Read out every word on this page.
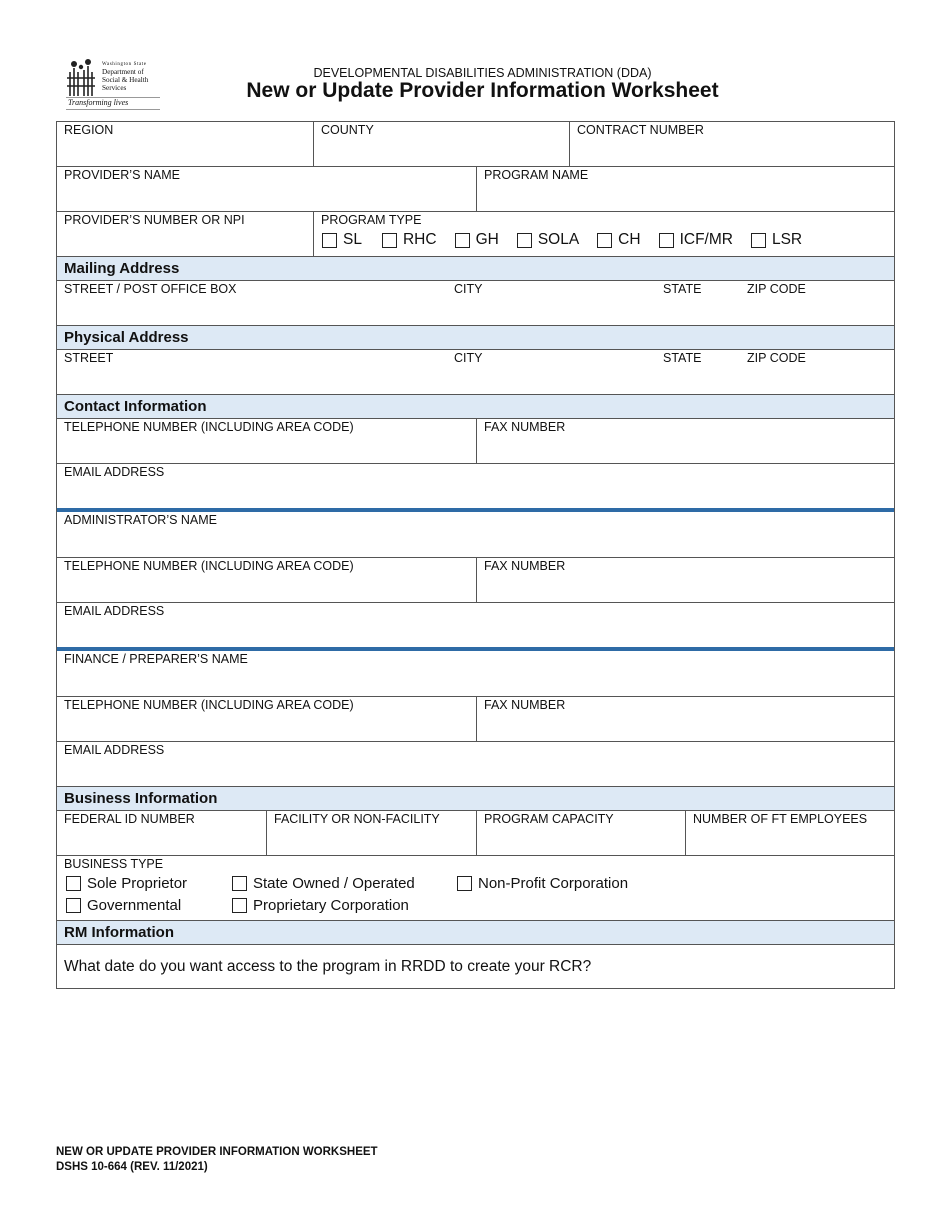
Washington State
Department of Social & Health Services
Transforming lives
DEVELOPMENTAL DISABILITIES ADMINISTRATION (DDA)
New or Update Provider Information Worksheet
REGION	COUNTY	CONTRACT NUMBER
PROVIDER’S NAME	PROGRAM NAME
PROVIDER’S NUMBER OR NPI	PROGRAM TYPE
SL	RHC	GH	SOLA	CH	ICF/MR	LSR
Mailing Address
STREET / POST OFFICE BOX	CITY	STATE	ZIP CODE
Physical Address
STREET	CITY	STATE	ZIP CODE
Contact Information
TELEPHONE NUMBER (INCLUDING AREA CODE)	FAX NUMBER
EMAIL ADDRESS
ADMINISTRATOR’S NAME
TELEPHONE NUMBER (INCLUDING AREA CODE)	FAX NUMBER
EMAIL ADDRESS
FINANCE / PREPARER’S NAME
TELEPHONE NUMBER (INCLUDING AREA CODE)	FAX NUMBER
EMAIL ADDRESS
Business Information
FEDERAL ID NUMBER	FACILITY OR NON-FACILITY	PROGRAM CAPACITY	NUMBER OF FT EMPLOYEES
BUSINESS TYPE
Sole Proprietor	State Owned / Operated	Non-Profit Corporation
Governmental	Proprietary Corporation
RM Information
What date do you want access to the program in RRDD to create your RCR?
NEW OR UPDATE PROVIDER INFORMATION WORKSHEET
DSHS 10-664 (REV. 11/2021)
